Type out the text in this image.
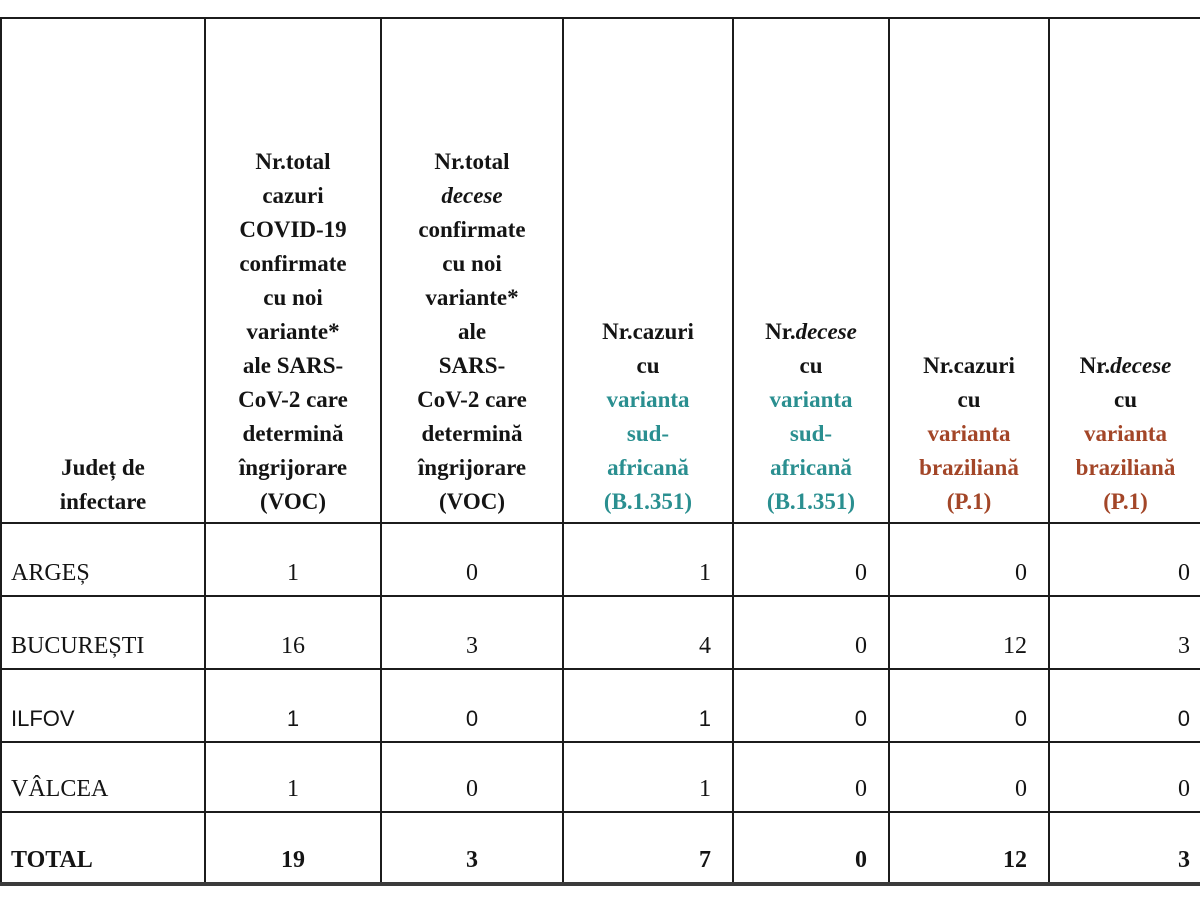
Județ de
infectare

Nr.total
cazuri
COVID-19
confirmate
cu noi
variante*
ale SARS-
CoV-2 care
determină
îngrijorare
(VOC)

Nr.total
decese
confirmate
cu noi
variante*
ale
SARS-
CoV-2 care
determină
îngrijorare
(VOC)

Nr.cazuri
cu
varianta
sud-
africană
(B.1.351)

Nr.decese
cu
varianta
sud-
africană
(B.1.351)

Nr.cazuri
cu
varianta
braziliană
(P.1)

Nr.decese
cu
varianta
braziliană
(P.1)

ARGEȘ	1	0	1	0	0	0
BUCUREȘTI	16	3	4	0	12	3
ILFOV	1	0	1	0	0	0
VÂLCEA	1	0	1	0	0	0
TOTAL	19	3	7	0	12	3
